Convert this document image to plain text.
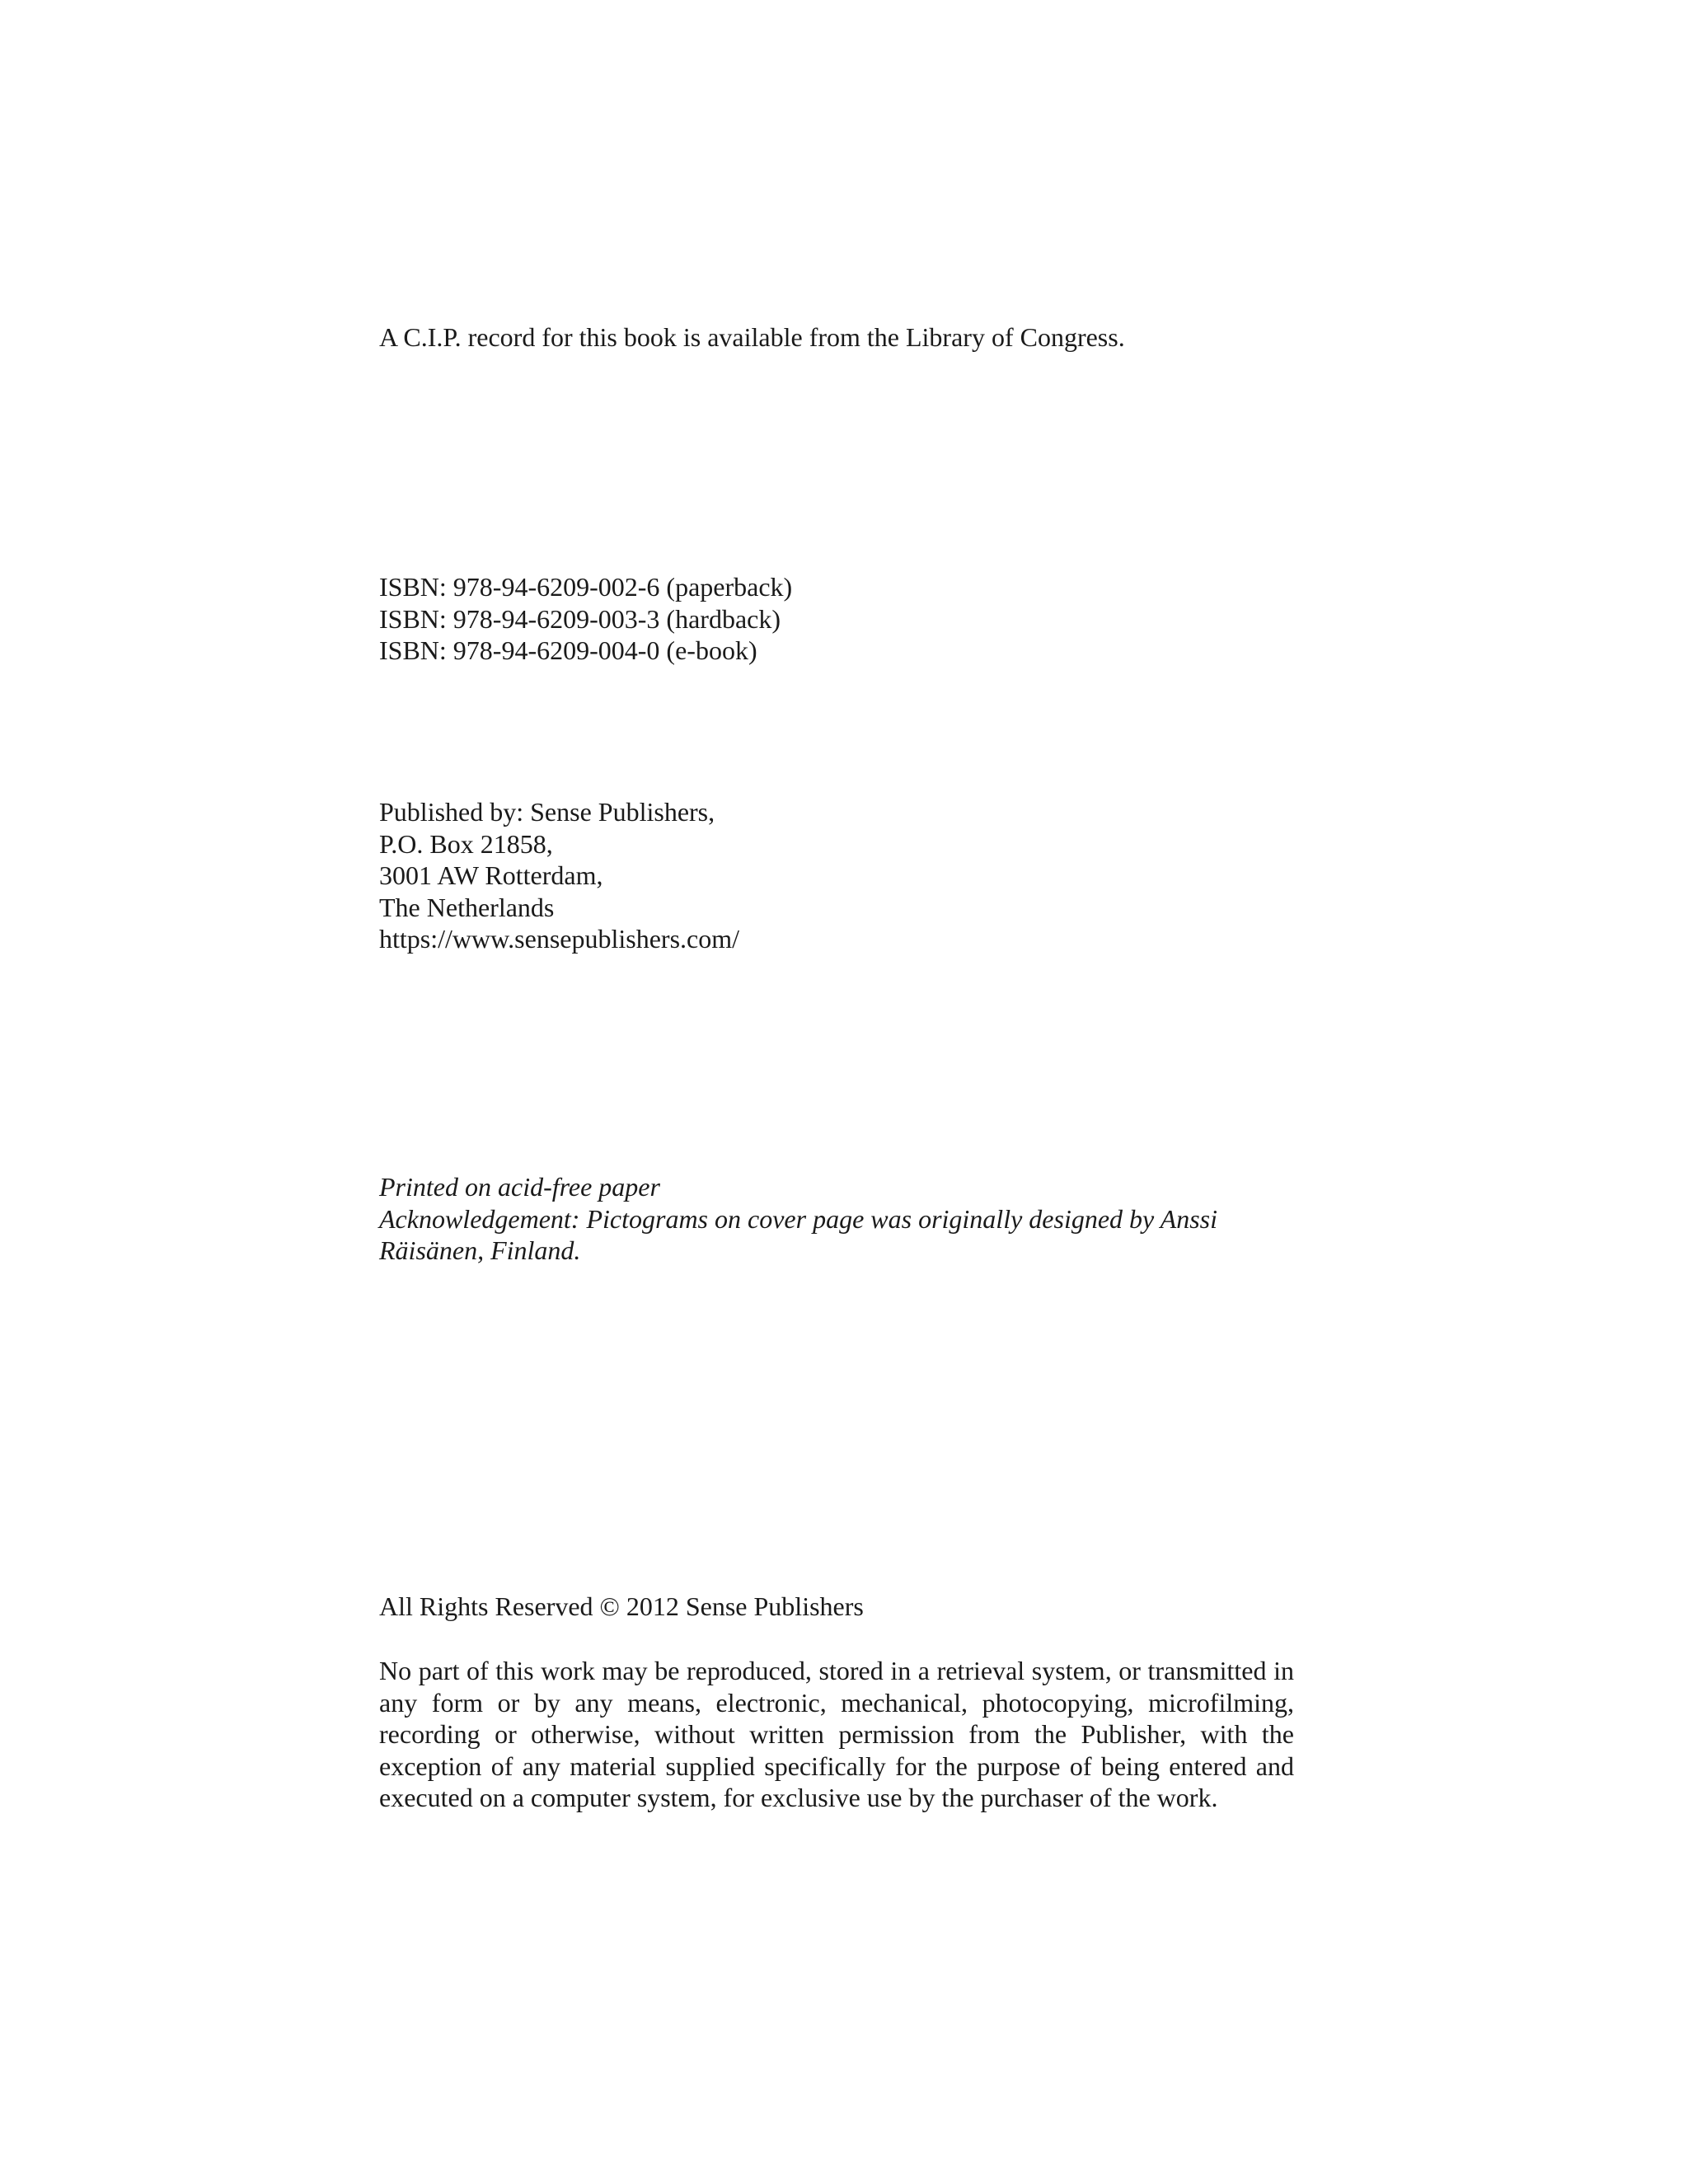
A C.I.P. record for this book is available from the Library of Congress.
ISBN: 978-94-6209-002-6 (paperback)
ISBN: 978-94-6209-003-3 (hardback)
ISBN: 978-94-6209-004-0 (e-book)
Published by: Sense Publishers,
P.O. Box 21858,
3001 AW Rotterdam,
The Netherlands
https://www.sensepublishers.com/
Printed on acid-free paper
Acknowledgement: Pictograms on cover page was originally designed by Anssi
Räisänen, Finland.
All Rights Reserved © 2012 Sense Publishers
No part of this work may be reproduced, stored in a retrieval system, or transmitted in any form or by any means, electronic, mechanical, photocopying, microfilming, recording or otherwise, without written permission from the Publisher, with the exception of any material supplied specifically for the purpose of being entered and executed on a computer system, for exclusive use by the purchaser of the work.
